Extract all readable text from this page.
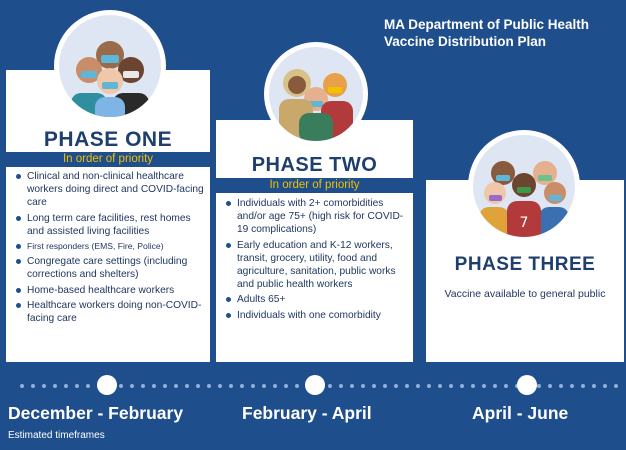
MA Department of Public Health
Vaccine Distribution Plan
PHASE ONE
In order of priority
Clinical and non-clinical healthcare workers doing direct and COVID-facing care
Long term care facilities, rest homes and assisted living facilities
First responders (EMS, Fire, Police)
Congregate care settings (including corrections and shelters)
Home-based healthcare workers
Healthcare workers doing non-COVID-facing care
PHASE TWO
In order of priority
Individuals with 2+ comorbidities and/or age 75+ (high risk for COVID-19 complications)
Early education and K-12 workers, transit, grocery, utility, food and agriculture, sanitation, public works and public health workers
Adults 65+
Individuals with one comorbidity
PHASE THREE
Vaccine available to general public
7
December - February	February - April	April - June
Estimated timeframes
